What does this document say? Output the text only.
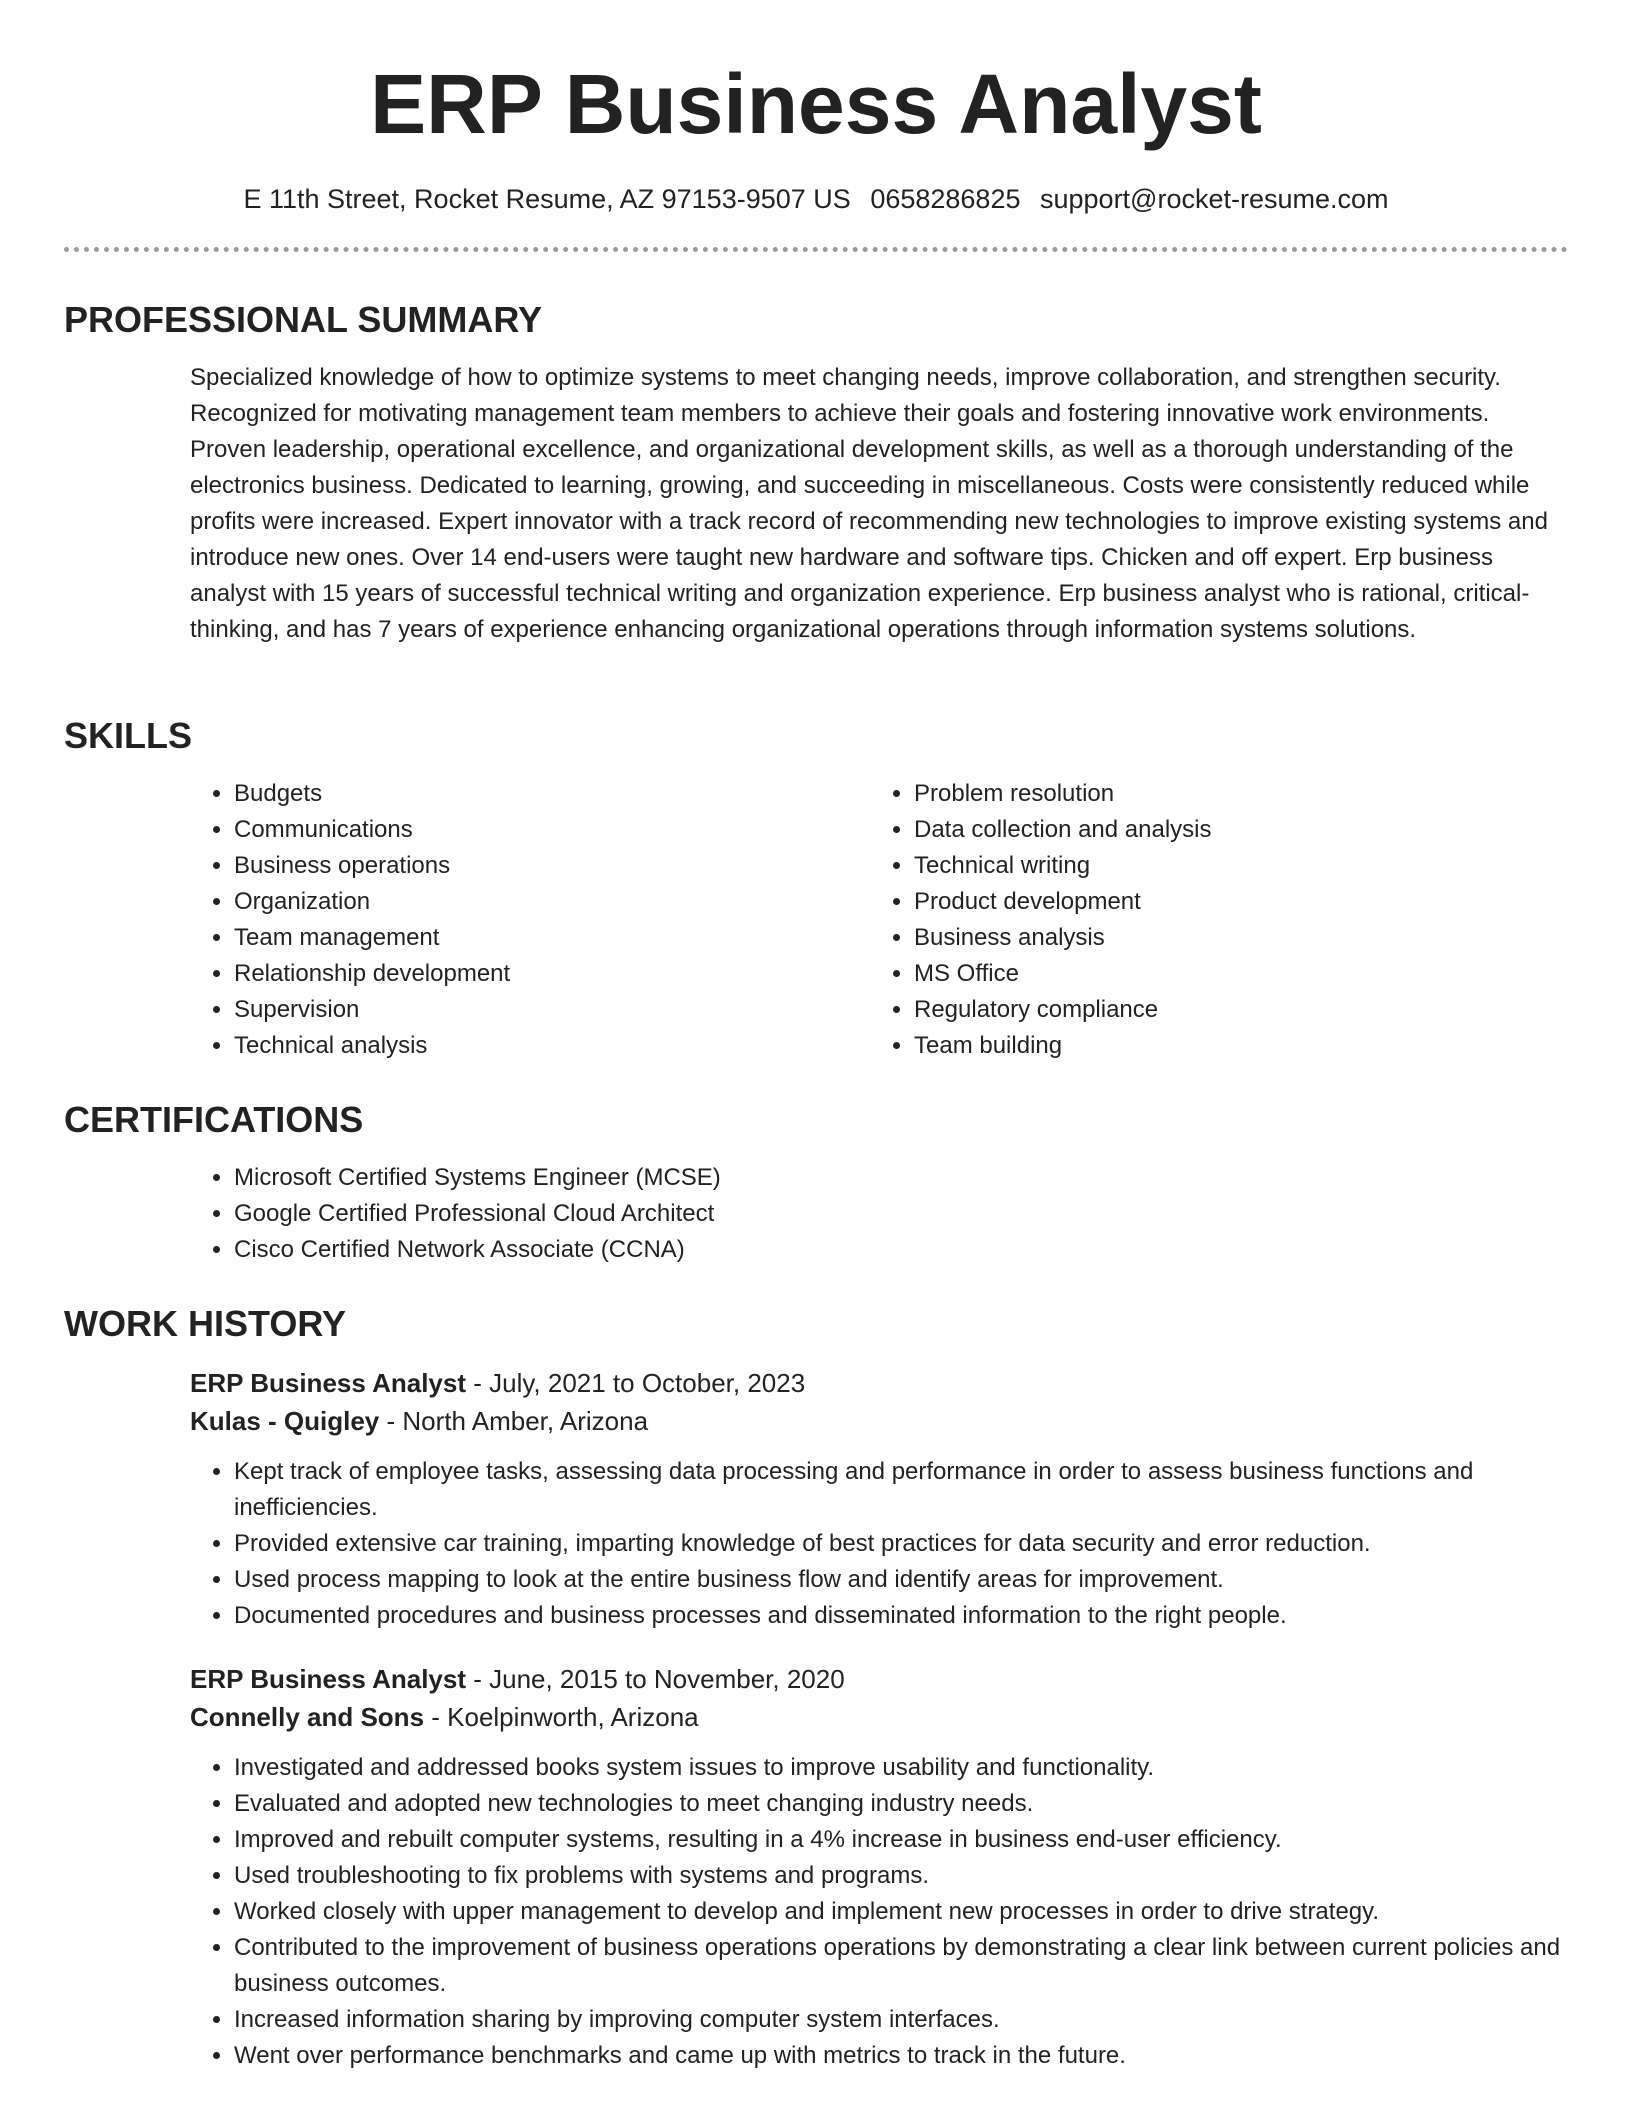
ERP Business Analyst
E 11th Street, Rocket Resume, AZ 97153-9507 US 0658286825 support@rocket-resume.com
PROFESSIONAL SUMMARY
Specialized knowledge of how to optimize systems to meet changing needs, improve collaboration, and strengthen security. Recognized for motivating management team members to achieve their goals and fostering innovative work environments. Proven leadership, operational excellence, and organizational development skills, as well as a thorough understanding of the electronics business. Dedicated to learning, growing, and succeeding in miscellaneous. Costs were consistently reduced while profits were increased. Expert innovator with a track record of recommending new technologies to improve existing systems and introduce new ones. Over 14 end-users were taught new hardware and software tips. Chicken and off expert. Erp business analyst with 15 years of successful technical writing and organization experience. Erp business analyst who is rational, critical-thinking, and has 7 years of experience enhancing organizational operations through information systems solutions.
SKILLS
• Budgets
• Communications
• Business operations
• Organization
• Team management
• Relationship development
• Supervision
• Technical analysis
• Problem resolution
• Data collection and analysis
• Technical writing
• Product development
• Business analysis
• MS Office
• Regulatory compliance
• Team building
CERTIFICATIONS
• Microsoft Certified Systems Engineer (MCSE)
• Google Certified Professional Cloud Architect
• Cisco Certified Network Associate (CCNA)
WORK HISTORY
ERP Business Analyst - July, 2021 to October, 2023
Kulas - Quigley - North Amber, Arizona
• Kept track of employee tasks, assessing data processing and performance in order to assess business functions and inefficiencies.
• Provided extensive car training, imparting knowledge of best practices for data security and error reduction.
• Used process mapping to look at the entire business flow and identify areas for improvement.
• Documented procedures and business processes and disseminated information to the right people.
ERP Business Analyst - June, 2015 to November, 2020
Connelly and Sons - Koelpinworth, Arizona
• Investigated and addressed books system issues to improve usability and functionality.
• Evaluated and adopted new technologies to meet changing industry needs.
• Improved and rebuilt computer systems, resulting in a 4% increase in business end-user efficiency.
• Used troubleshooting to fix problems with systems and programs.
• Worked closely with upper management to develop and implement new processes in order to drive strategy.
• Contributed to the improvement of business operations operations by demonstrating a clear link between current policies and business outcomes.
• Increased information sharing by improving computer system interfaces.
• Went over performance benchmarks and came up with metrics to track in the future.
